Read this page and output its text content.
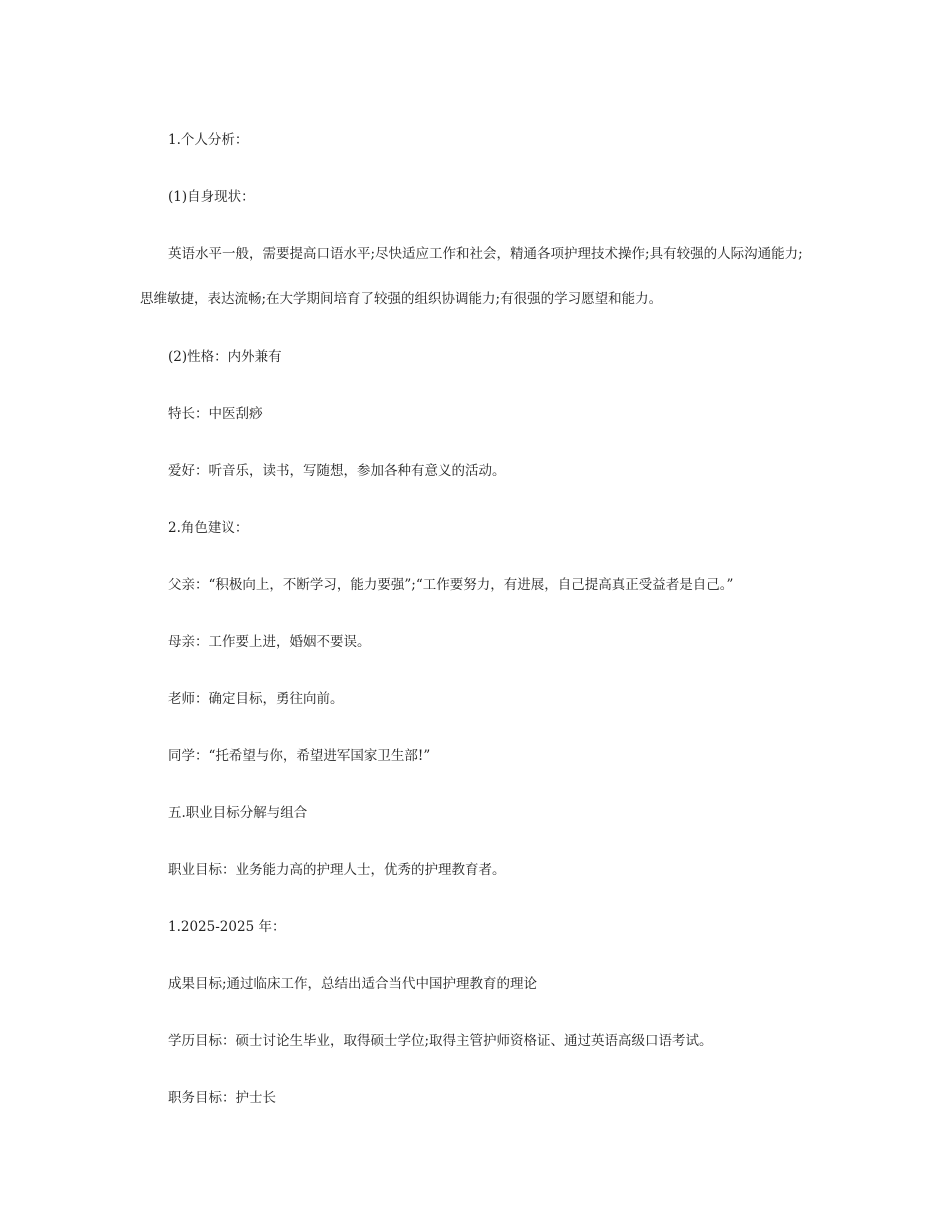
1.个人分析：

(1)自身现状：

英语水平一般，需要提高口语水平;尽快适应工作和社会，精通各项护理技术操作;具有较强的人际沟通能力;思维敏捷，表达流畅;在大学期间培育了较强的组织协调能力;有很强的学习愿望和能力。

(2)性格：内外兼有

特长：中医刮痧

爱好：听音乐，读书，写随想，参加各种有意义的活动。

2.角色建议：

父亲：“积极向上，不断学习，能力要强”;“工作要努力，有进展，自己提高真正受益者是自己。”

母亲：工作要上进，婚姻不要误。

老师：确定目标，勇往向前。

同学：“托希望与你，希望进军国家卫生部!”

五.职业目标分解与组合

职业目标：业务能力高的护理人士，优秀的护理教育者。

1.2025-2025 年：

成果目标;通过临床工作，总结出适合当代中国护理教育的理论

学历目标：硕士讨论生毕业，取得硕士学位;取得主管护师资格证、通过英语高级口语考试。

职务目标：护士长
